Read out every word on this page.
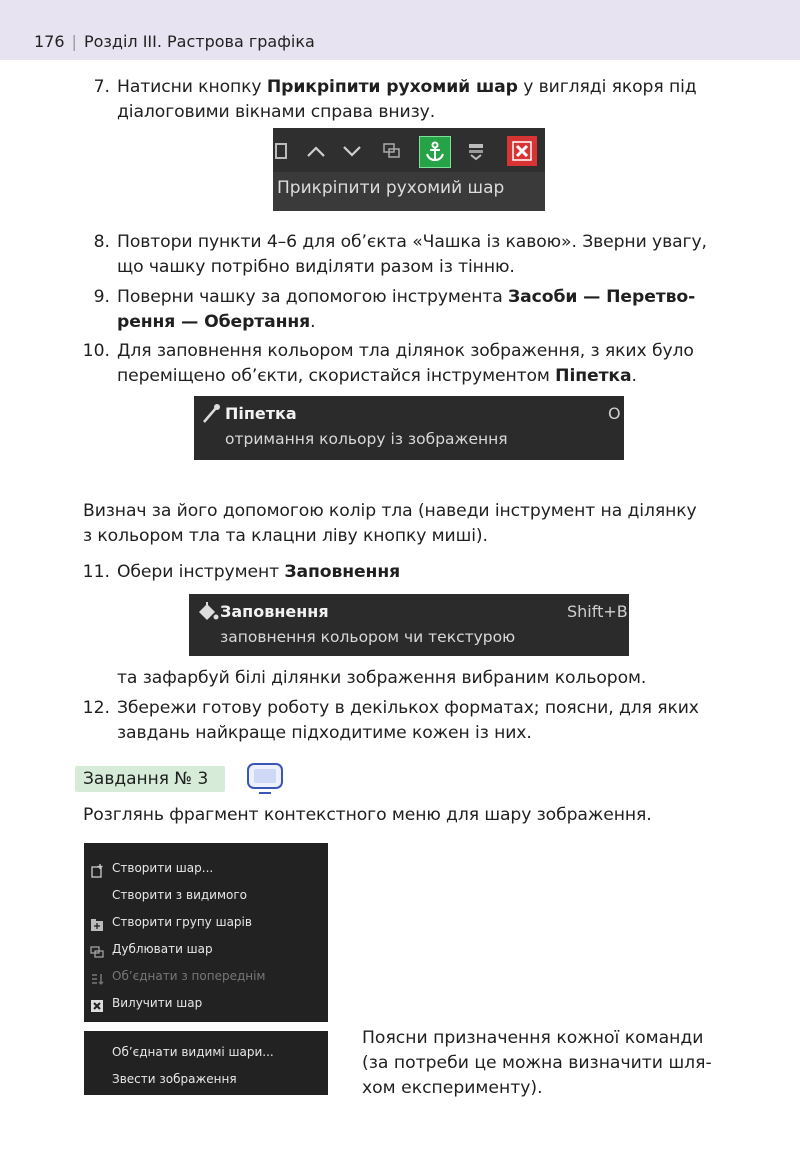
176 | Розділ III. Растрова графіка
7. Натисни кнопку Прикріпити рухомий шар у вигляді якоря під
діалоговими вікнами справа внизу.
Прикріпити рухомий шар
8. Повтори пункти 4–6 для об’єкта «Чашка із кавою». Зверни увагу,
що чашку потрібно виділяти разом із тінню.
9. Поверни чашку за допомогою інструмента Засоби — Перетво-
рення — Обертання.
10. Для заповнення кольором тла ділянок зображення, з яких було
переміщено об’єкти, скористайся інструментом Піпетка.
Піпетка
отримання кольору із зображення
O
Визнач за його допомогою колір тла (наведи інструмент на ділянку
з кольором тла та клацни ліву кнопку миші).
11. Обери інструмент Заповнення
Заповнення
заповнення кольором чи текстурою
Shift+B
та зафарбуй білі ділянки зображення вибраним кольором.
12. Збережи готову роботу в декількох форматах; поясни, для яких
завдань найкраще підходитиме кожен із них.
Завдання № 3
Розглянь фрагмент контекстного меню для шару зображення.
Створити шар...
Створити з видимого
Створити групу шарів
Дублювати шар
Об’єднати з попереднім
Вилучити шар
Об’єднати видимі шари...
Звести зображення
Поясни призначення кожної команди
(за потреби це можна визначити шля-
хом експерименту).
